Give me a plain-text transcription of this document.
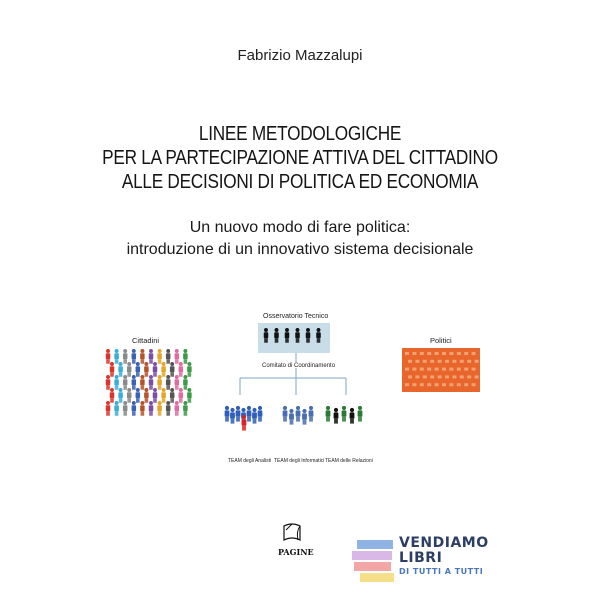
Fabrizio Mazzalupi
LINEE METODOLOGICHE
PER LA PARTECIPAZIONE ATTIVA DEL CITTADINO
ALLE DECISIONI DI POLITICA ED ECONOMIA
Un nuovo modo di fare politica:
introduzione di un innovativo sistema decisionale
Cittadini	Politici
Osservatorio Tecnico
Comitato di Coordinamento
TEAM degli Analisti TEAM degli Informatici TEAM delle Relazioni
PAGINE
VENDIAMO
LIBRI
DI TUTTI A TUTTI
